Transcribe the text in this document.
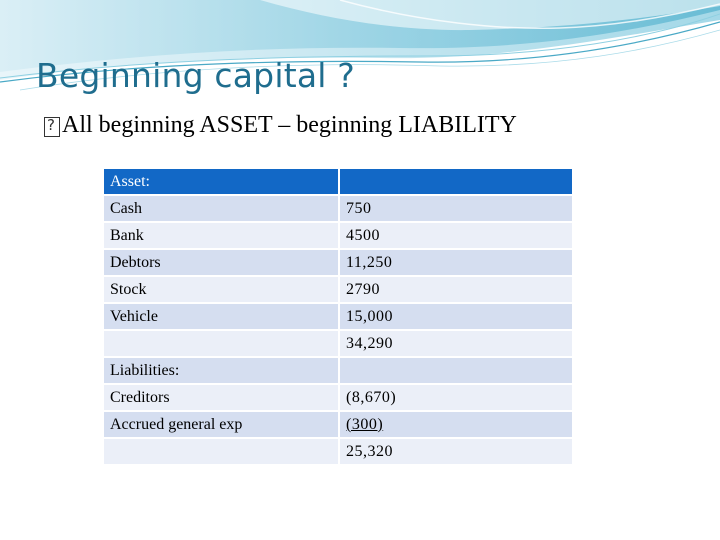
Beginning capital ?
?
All beginning ASSET – beginning LIABILITY
Asset:	
Cash	750
Bank	4500
Debtors	11,250
Stock	2790
Vehicle	15,000
	34,290
Liabilities:	
Creditors	(8,670)
Accrued general exp	(300)
	25,320
